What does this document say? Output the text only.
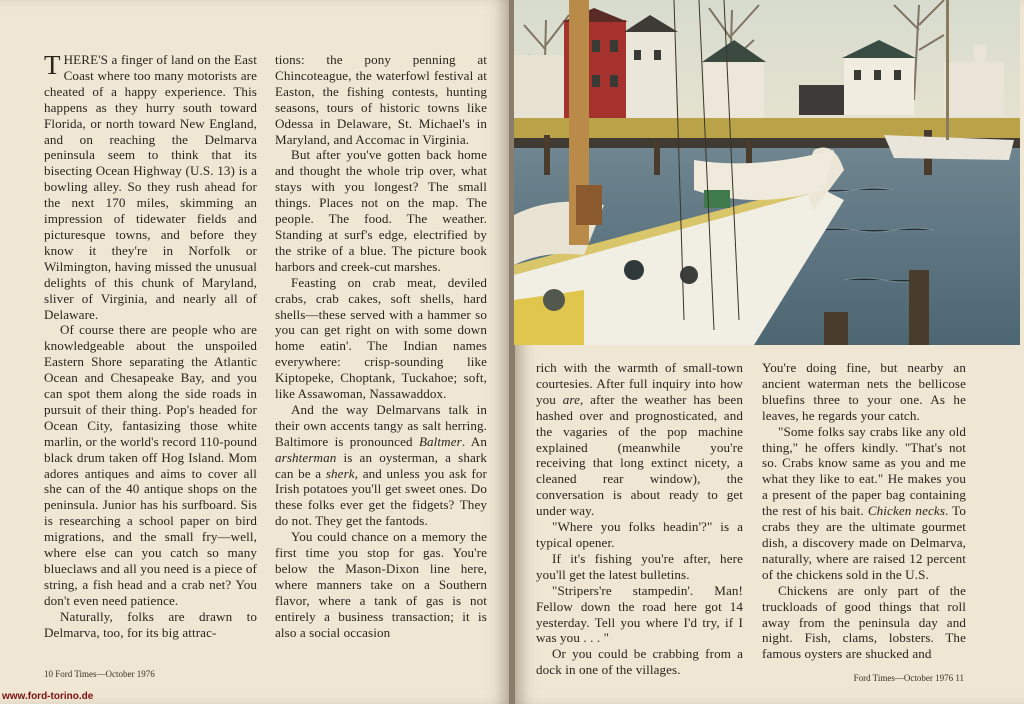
THERE'S a finger of land on the East Coast where too many motorists are cheated of a happy experience. This happens as they hurry south toward Florida, or north toward New England, and on reaching the Delmarva peninsula seem to think that its bisecting Ocean Highway (U.S. 13) is a bowling alley. So they rush ahead for the next 170 miles, skimming an impression of tidewater fields and picturesque towns, and before they know it they're in Norfolk or Wilmington, having missed the unusual delights of this chunk of Maryland, sliver of Virginia, and nearly all of Delaware.

Of course there are people who are knowledgeable about the unspoiled Eastern Shore separating the Atlantic Ocean and Chesapeake Bay, and you can spot them along the side roads in pursuit of their thing. Pop's headed for Ocean City, fantasizing those white marlin, or the world's record 110-pound black drum taken off Hog Island. Mom adores antiques and aims to cover all she can of the 40 antique shops on the peninsula. Junior has his surfboard. Sis is researching a school paper on bird migrations, and the small fry—well, where else can you catch so many blueclaws and all you need is a piece of string, a fish head and a crab net? You don't even need patience.

Naturally, folks are drawn to Delmarva, too, for its big attrac-

tions: the pony penning at Chincoteague, the waterfowl festival at Easton, the fishing contests, hunting seasons, tours of historic towns like Odessa in Delaware, St. Michael's in Maryland, and Accomac in Virginia.

But after you've gotten back home and thought the whole trip over, what stays with you longest? The small things. Places not on the map. The people. The food. The weather. Standing at surf's edge, electrified by the strike of a blue. The picture book harbors and creek-cut marshes.

Feasting on crab meat, deviled crabs, crab cakes, soft shells, hard shells—these served with a hammer so you can get right on with some down home eatin'. The Indian names everywhere: crisp-sounding like Kiptopeke, Choptank, Tuckahoe; soft, like Assawoman, Nassawaddox.

And the way Delmarvans talk in their own accents tangy as salt herring. Baltimore is pronounced Baltmer. An arshterman is an oysterman, a shark can be a sherk, and unless you ask for Irish potatoes you'll get sweet ones. Do these folks ever get the fidgets? They do not. They get the fantods.

You could chance on a memory the first time you stop for gas. You're below the Mason-Dixon line here, where manners take on a Southern flavor, where a tank of gas is not entirely a business transaction; it is also a social occasion

rich with the warmth of small-town courtesies. After full inquiry into how you are, after the weather has been hashed over and prognosticated, and the vagaries of the pop machine explained (meanwhile you're receiving that long extinct nicety, a cleaned rear window), the conversation is about ready to get under way.

"Where you folks headin'?" is a typical opener.

If it's fishing you're after, here you'll get the latest bulletins.

"Stripers're stampedin'. Man! Fellow down the road here got 14 yesterday. Tell you where I'd try, if I was you . . . "

Or you could be crabbing from a dock in one of the villages.

You're doing fine, but nearby an ancient waterman nets the bellicose bluefins three to your one. As he leaves, he regards your catch.

"Some folks say crabs like any old thing," he offers kindly. "That's not so. Crabs know same as you and me what they like to eat." He makes you a present of the paper bag containing the rest of his bait. Chicken necks. To crabs they are the ultimate gourmet dish, a discovery made on Delmarva, naturally, where are raised 12 percent of the chickens sold in the U.S.

Chickens are only part of the truckloads of good things that roll away from the peninsula day and night. Fish, clams, lobsters. The famous oysters are shucked and

10 Ford Times—October 1976	Ford Times—October 1976 11
www.ford-torino.de
